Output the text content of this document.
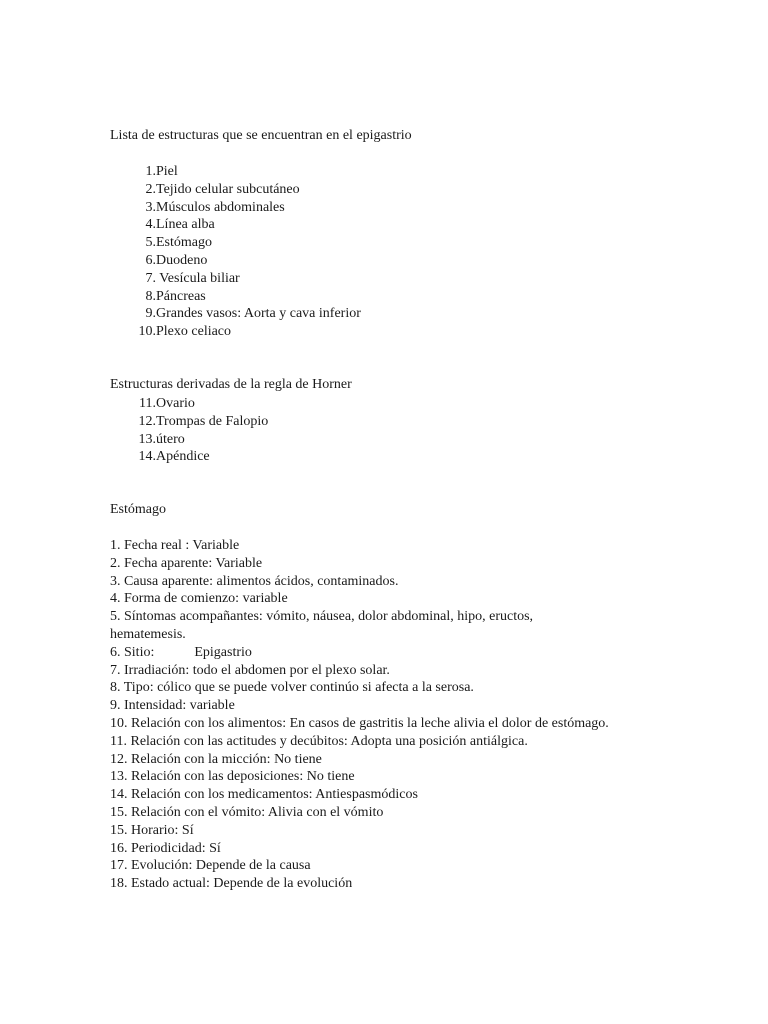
Lista de estructuras que se encuentran en el epigastrio
1. Piel
2. Tejido celular subcutáneo
3. Músculos abdominales
4. Línea alba
5. Estómago
6. Duodeno
7. Vesícula biliar
8. Páncreas
9. Grandes vasos: Aorta y cava inferior
10. Plexo celiaco
Estructuras derivadas de la regla de Horner
11. Ovario
12. Trompas de Falopio
13. útero
14. Apéndice
Estómago
1. Fecha real : Variable
2. Fecha aparente: Variable
3. Causa aparente: alimentos ácidos, contaminados.
4. Forma de comienzo: variable
5. Síntomas acompañantes: vómito, náusea, dolor abdominal, hipo, eructos, hematemesis.
6. Sitio:	Epigastrio
7. Irradiación: todo el abdomen por el plexo solar.
8. Tipo: cólico que se puede volver continúo si afecta a la serosa.
9. Intensidad: variable
10. Relación con los alimentos: En casos de gastritis la leche alivia el dolor de estómago.
11. Relación con las actitudes y decúbitos: Adopta una posición antiálgica.
12. Relación con la micción: No tiene
13. Relación con las deposiciones: No tiene
14. Relación con los medicamentos: Antiespasmódicos
15. Relación con el vómito: Alivia con el vómito
15. Horario: Sí
16. Periodicidad: Sí
17. Evolución: Depende de la causa
18. Estado actual: Depende de la evolución
